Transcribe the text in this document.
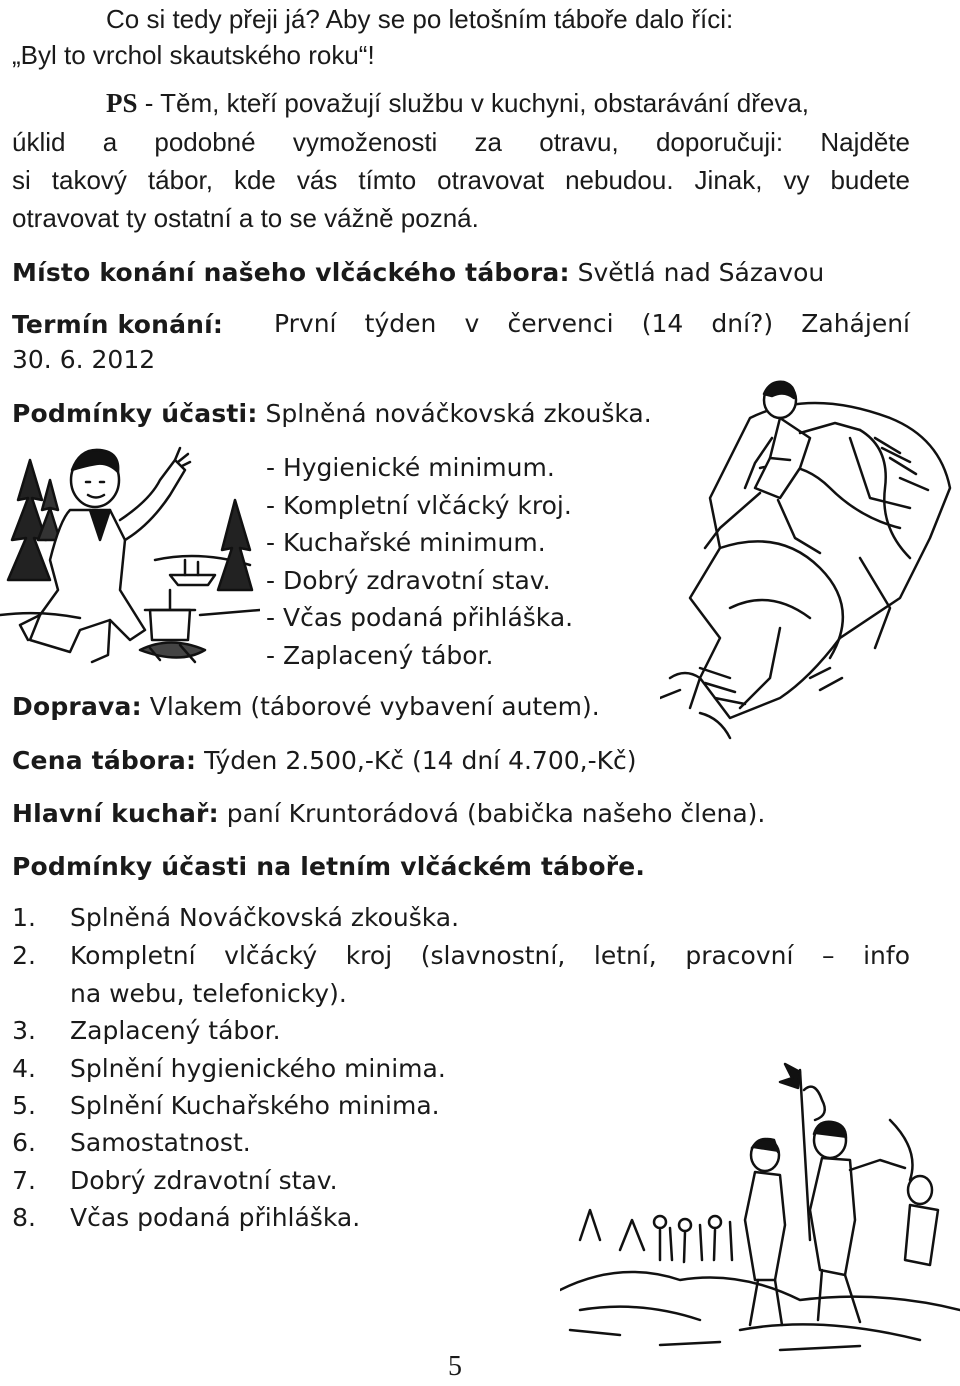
Co si tedy přeji já? Aby se po letošním táboře dalo říci:
„Byl to vrchol skautského roku“!
PS - Těm, kteří považují službu v kuchyni, obstarávání dřeva,
úklid a podobné vymoženosti za otravu, doporučuji: Najděte
si takový tábor, kde vás tímto otravovat nebudou. Jinak, vy budete
otravovat ty ostatní a to se vážně pozná.
Místo konání našeho vlčáckého tábora: Světlá nad Sázavou
Termín konání: První týden v červenci (14 dní?) Zahájení
30. 6. 2012
Podmínky účasti: Splněná nováčkovská zkouška.
- Hygienické minimum.
- Kompletní vlčácký kroj.
- Kuchařské minimum.
- Dobrý zdravotní stav.
- Včas podaná přihláška.
- Zaplacený tábor.
Doprava: Vlakem (táborové vybavení autem).
Cena tábora: Týden 2.500,-Kč (14 dní 4.700,-Kč)
Hlavní kuchař: paní Kruntorádová (babička našeho člena).
Podmínky účasti na letním vlčáckém táboře.
1. Splněná Nováčkovská zkouška.
2. Kompletní vlčácký kroj (slavnostní, letní, pracovní – info
na webu, telefonicky).
3. Zaplacený tábor.
4. Splnění hygienického minima.
5. Splnění Kuchařského minima.
6. Samostatnost.
7. Dobrý zdravotní stav.
8. Včas podaná přihláška.
5
